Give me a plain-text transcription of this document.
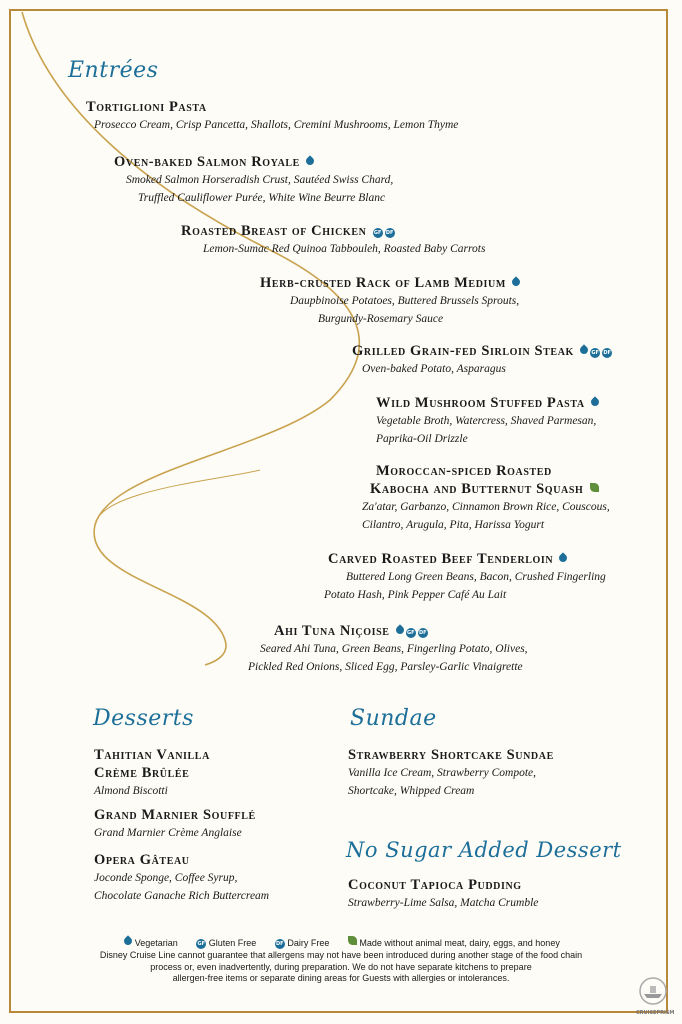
Entrées
Tortiglioni Pasta
Prosecco Cream, Crisp Pancetta, Shallots, Cremini Mushrooms, Lemon Thyme
Oven-baked Salmon Royale
Smoked Salmon Horseradish Crust, Sautéed Swiss Chard,
Truffled Cauliflower Purée, White Wine Beurre Blanc
Roasted Breast of Chicken GF DF
Lemon-Sumac Red Quinoa Tabbouleh, Roasted Baby Carrots
Herb-crusted Rack of Lamb Medium
Daupbinoise Potatoes, Buttered Brussels Sprouts,
Burgundy-Rosemary Sauce
Grilled Grain-fed Sirloin Steak	GF DF
Oven-baked Potato, Asparagus
Wild Mushroom Stuffed Pasta
Vegetable Broth, Watercress, Shaved Parmesan,
Paprika-Oil Drizzle
Moroccan-spiced Roasted
Kabocha and Butternut Squash
Za'atar, Garbanzo, Cinnamon Brown Rice, Couscous,
Cilantro, Arugula, Pita, Harissa Yogurt
Carved Roasted Beef Tenderloin
Buttered Long Green Beans, Bacon, Crushed Fingerling
Potato Hash, Pink Pepper Café Au Lait
Ahi Tuna Niçoise	GF DF
Seared Ahi Tuna, Green Beans, Fingerling Potato, Olives,
Pickled Red Onions, Sliced Egg, Parsley-Garlic Vinaigrette
Desserts
Tahitian Vanilla
Crème Brûlée
Almond Biscotti
Grand Marnier Soufflé
Grand Marnier Crème Anglaise
Opera Gâteau
Joconde Sponge, Coffee Syrup,
Chocolate Ganache Rich Buttercream
Sundae
Strawberry Shortcake Sundae
Vanilla Ice Cream, Strawberry Compote,
Shortcake, Whipped Cream
No Sugar Added Dessert
Coconut Tapioca Pudding
Strawberry-Lime Salsa, Matcha Crumble
Vegetarian	GF Gluten Free	DF Dairy Free	Made without animal meat, dairy, eggs, and honey
Disney Cruise Line cannot guarantee that allergens may not have been introduced during another stage of the food chain
process or, even inadvertently, during preparation. We do not have separate kitchens to prepare
allergen-free items or separate dining areas for Guests with allergies or intolerances.
CRUISEPRISM
